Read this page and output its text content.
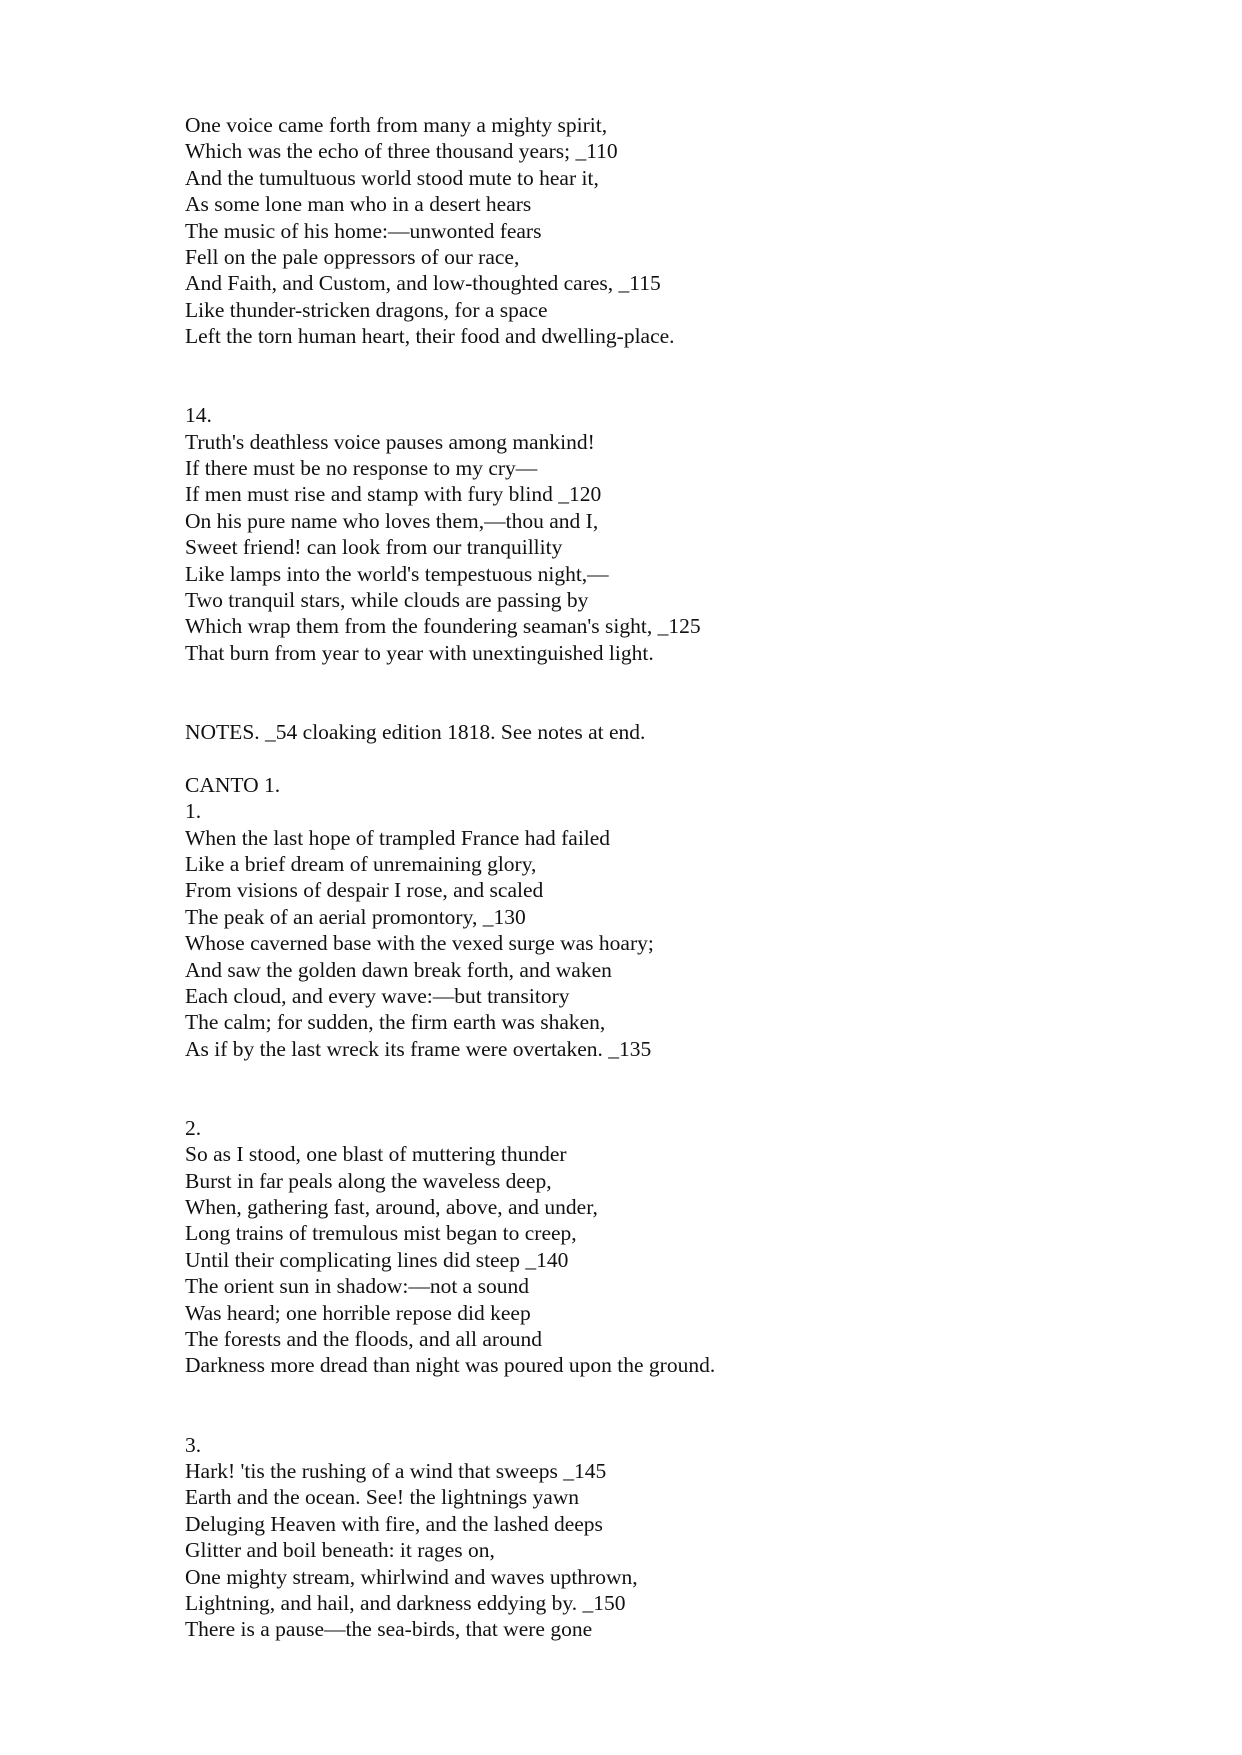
One voice came forth from many a mighty spirit,
Which was the echo of three thousand years; _110
And the tumultuous world stood mute to hear it,
As some lone man who in a desert hears
The music of his home:—unwonted fears
Fell on the pale oppressors of our race,
And Faith, and Custom, and low-thoughted cares, _115
Like thunder-stricken dragons, for a space
Left the torn human heart, their food and dwelling-place.
14.
Truth's deathless voice pauses among mankind!
If there must be no response to my cry—
If men must rise and stamp with fury blind _120
On his pure name who loves them,—thou and I,
Sweet friend! can look from our tranquillity
Like lamps into the world's tempestuous night,—
Two tranquil stars, while clouds are passing by
Which wrap them from the foundering seaman's sight, _125
That burn from year to year with unextinguished light.
NOTES. _54 cloaking edition 1818. See notes at end.
CANTO 1.
1.
When the last hope of trampled France had failed
Like a brief dream of unremaining glory,
From visions of despair I rose, and scaled
The peak of an aerial promontory, _130
Whose caverned base with the vexed surge was hoary;
And saw the golden dawn break forth, and waken
Each cloud, and every wave:—but transitory
The calm; for sudden, the firm earth was shaken,
As if by the last wreck its frame were overtaken. _135
2.
So as I stood, one blast of muttering thunder
Burst in far peals along the waveless deep,
When, gathering fast, around, above, and under,
Long trains of tremulous mist began to creep,
Until their complicating lines did steep _140
The orient sun in shadow:—not a sound
Was heard; one horrible repose did keep
The forests and the floods, and all around
Darkness more dread than night was poured upon the ground.
3.
Hark! 'tis the rushing of a wind that sweeps _145
Earth and the ocean. See! the lightnings yawn
Deluging Heaven with fire, and the lashed deeps
Glitter and boil beneath: it rages on,
One mighty stream, whirlwind and waves upthrown,
Lightning, and hail, and darkness eddying by. _150
There is a pause—the sea-birds, that were gone
